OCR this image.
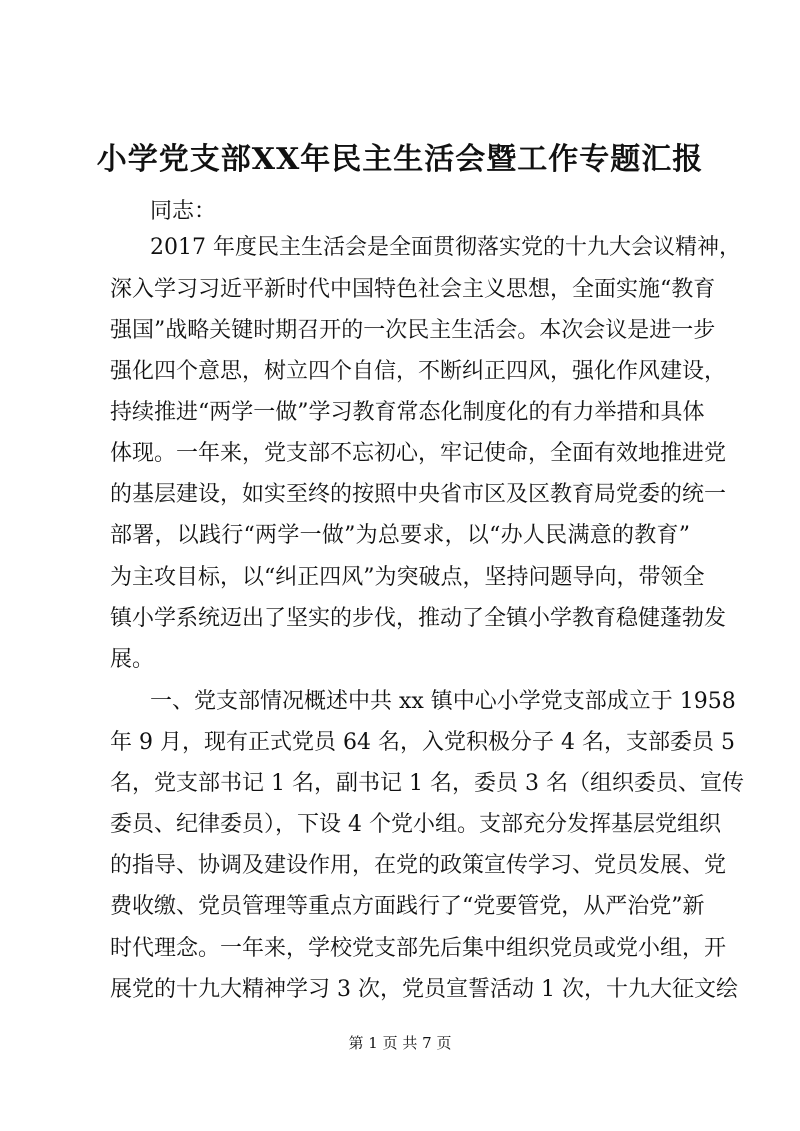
小学党支部XX年民主生活会暨工作专题汇报
同志：
2017 年度民主生活会是全面贯彻落实党的十九大会议精神，
深入学习习近平新时代中国特色社会主义思想，全面实施“教育
强国”战略关键时期召开的一次民主生活会。本次会议是进一步
强化四个意思，树立四个自信，不断纠正四风，强化作风建设，
持续推进“两学一做”学习教育常态化制度化的有力举措和具体
体现。一年来，党支部不忘初心，牢记使命，全面有效地推进党
的基层建设，如实至终的按照中央省市区及区教育局党委的统一
部署，以践行“两学一做”为总要求，以“办人民满意的教育”
为主攻目标，以“纠正四风”为突破点，坚持问题导向，带领全
镇小学系统迈出了坚实的步伐，推动了全镇小学教育稳健蓬勃发
展。
一、党支部情况概述中共 xx 镇中心小学党支部成立于 1958
年 9 月，现有正式党员 64 名，入党积极分子 4 名，支部委员 5
名，党支部书记 1 名，副书记 1 名，委员 3 名（组织委员、宣传
委员、纪律委员），下设 4 个党小组。支部充分发挥基层党组织
的指导、协调及建设作用，在党的政策宣传学习、党员发展、党
费收缴、党员管理等重点方面践行了“党要管党，从严治党”新
时代理念。一年来，学校党支部先后集中组织党员或党小组，开
展党的十九大精神学习 3 次，党员宣誓活动 1 次，十九大征文绘
第 1 页 共 7 页
